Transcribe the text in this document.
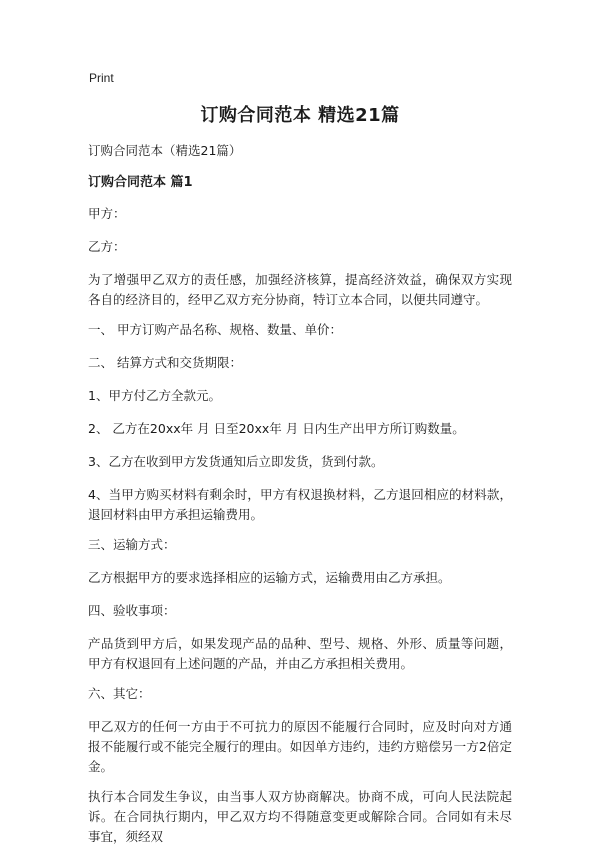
Print
订购合同范本 精选21篇
订购合同范本（精选21篇）
订购合同范本 篇1
甲方：
乙方：
为了增强甲乙双方的责任感，加强经济核算，提高经济效益，确保双方实现各自的经济目的，经甲乙双方充分协商，特订立本合同，以便共同遵守。
一、 甲方订购产品名称、规格、数量、单价：
二、 结算方式和交货期限：
1、甲方付乙方全款元。
2、 乙方在20xx年 月 日至20xx年 月 日内生产出甲方所订购数量。
3、乙方在收到甲方发货通知后立即发货，货到付款。
4、当甲方购买材料有剩余时，甲方有权退换材料，乙方退回相应的材料款，退回材料由甲方承担运输费用。
三、运输方式：
乙方根据甲方的要求选择相应的运输方式，运输费用由乙方承担。
四、验收事项：
产品货到甲方后，如果发现产品的品种、型号、规格、外形、质量等问题，甲方有权退回有上述问题的产品，并由乙方承担相关费用。
六、其它：
甲乙双方的任何一方由于不可抗力的原因不能履行合同时，应及时向对方通报不能履行或不能完全履行的理由。如因单方违约，违约方赔偿另一方2倍定金。
执行本合同发生争议，由当事人双方协商解决。协商不成，可向人民法院起诉。在合同执行期内，甲乙双方均不得随意变更或解除合同。合同如有未尽事宜，须经双
